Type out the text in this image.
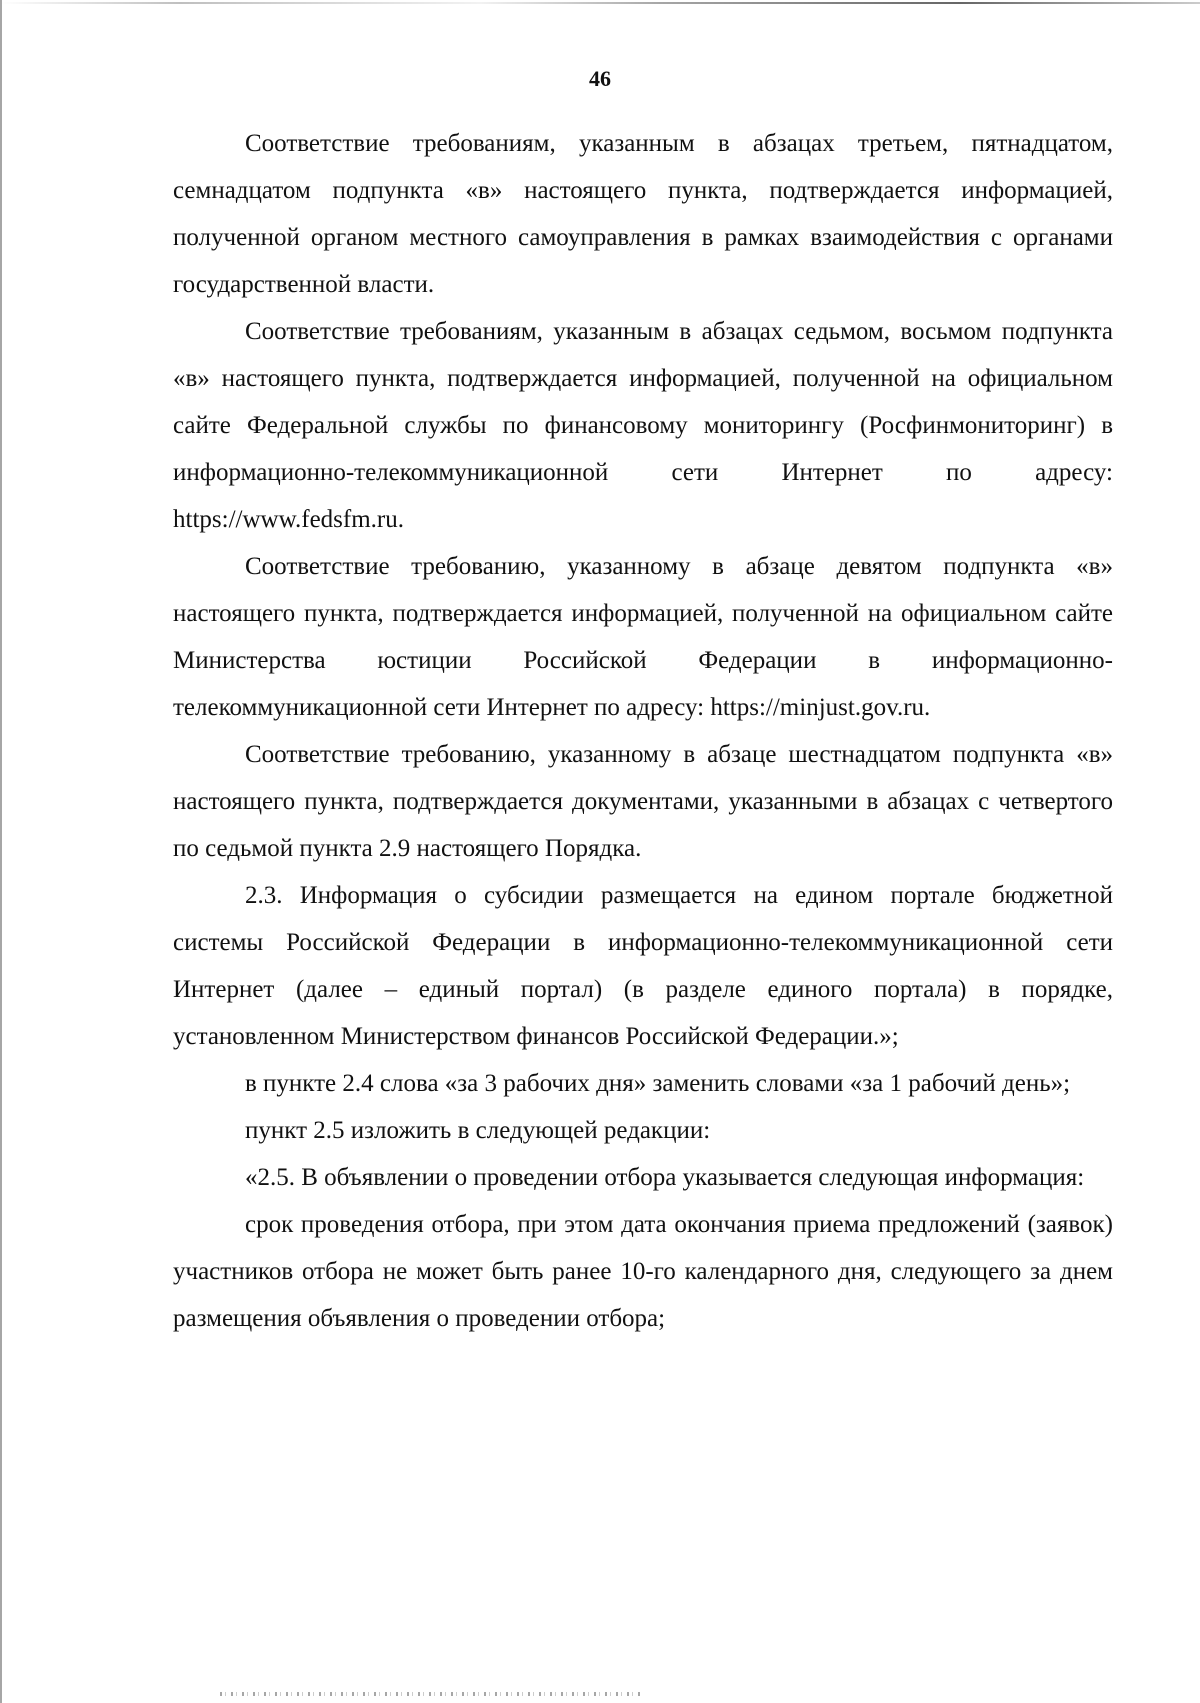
46

Соответствие требованиям, указанным в абзацах третьем, пятнадцатом, семнадцатом подпункта «в» настоящего пункта, подтверждается информацией, полученной органом местного самоуправления в рамках взаимодействия с органами государственной власти.

Соответствие требованиям, указанным в абзацах седьмом, восьмом подпункта «в» настоящего пункта, подтверждается информацией, полученной на официальном сайте Федеральной службы по финансовому мониторингу (Росфинмониторинг) в информационно-телекоммуникационной сети Интернет по адресу: https://www.fedsfm.ru.

Соответствие требованию, указанному в абзаце девятом подпункта «в» настоящего пункта, подтверждается информацией, полученной на официальном сайте Министерства юстиции Российской Федерации в информационно-телекоммуникационной сети Интернет по адресу: https://minjust.gov.ru.

Соответствие требованию, указанному в абзаце шестнадцатом подпункта «в» настоящего пункта, подтверждается документами, указанными в абзацах с четвертого по седьмой пункта 2.9 настоящего Порядка.

2.3. Информация о субсидии размещается на едином портале бюджетной системы Российской Федерации в информационно-телекоммуникационной сети Интернет (далее – единый портал) (в разделе единого портала) в порядке, установленном Министерством финансов Российской Федерации.»;

в пункте 2.4 слова «за 3 рабочих дня» заменить словами «за 1 рабочий день»;

пункт 2.5 изложить в следующей редакции:

«2.5. В объявлении о проведении отбора указывается следующая информация:

срок проведения отбора, при этом дата окончания приема предложений (заявок) участников отбора не может быть ранее 10-го календарного дня, следующего за днем размещения объявления о проведении отбора;
